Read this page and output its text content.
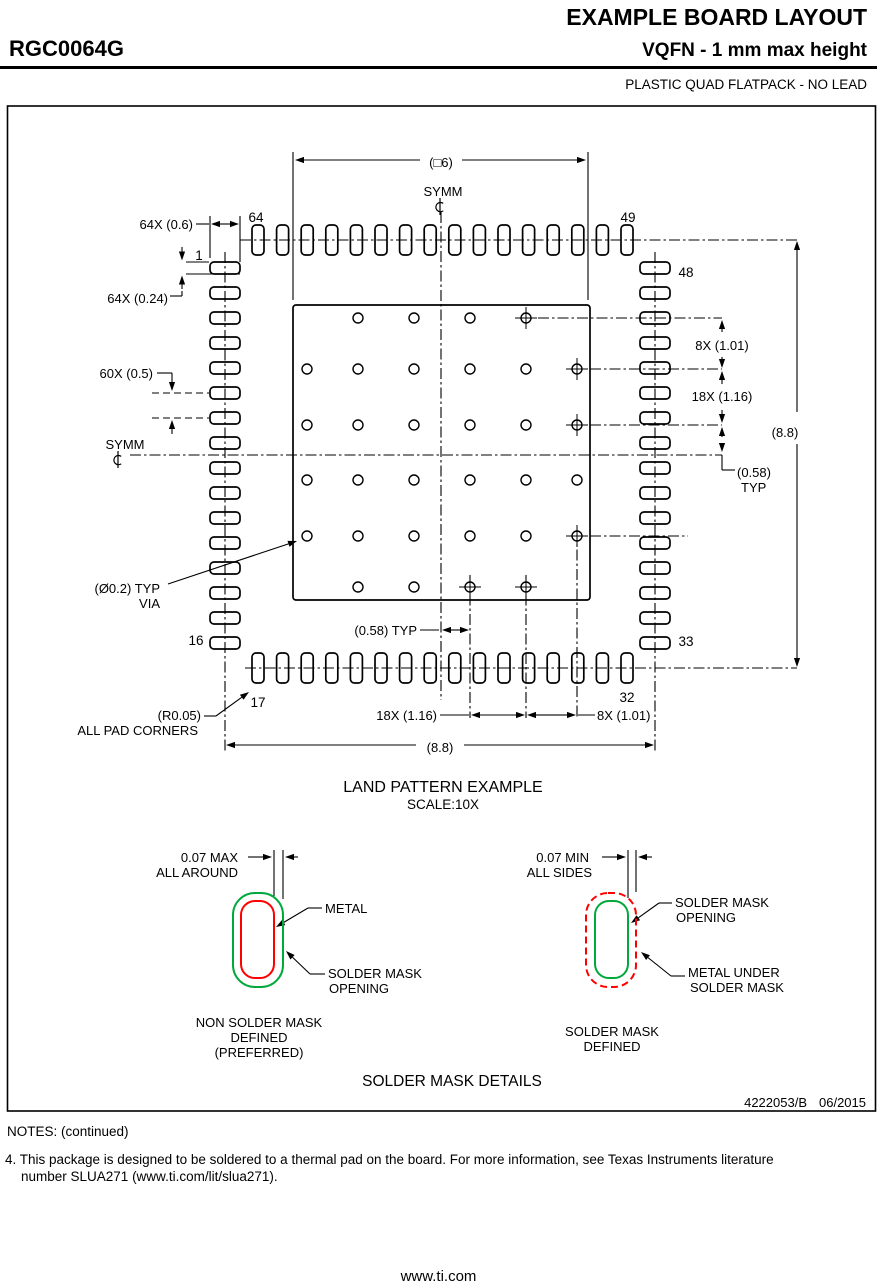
EXAMPLE BOARD LAYOUT
RGC0064G	VQFN - 1 mm max height
PLASTIC QUAD FLATPACK - NO LEAD
(□6)
SYMM
SYMM
64X (0.6)
64X (0.24)
60X (0.5)
(Ø0.2) TYP
VIA
(R0.05)
ALL PAD CORNERS
(0.58) TYP
18X (1.16)	8X (1.01)
(8.8)
8X (1.01)
18X (1.16)
(0.58)
TYP
(8.8)
64	49
48
33
1
16
17	32
LAND PATTERN EXAMPLE
SCALE:10X
0.07 MAX
ALL AROUND
METAL
SOLDER MASK
OPENING
NON SOLDER MASK
DEFINED
(PREFERRED)
0.07 MIN
ALL SIDES
SOLDER MASK
OPENING
METAL UNDER
SOLDER MASK
SOLDER MASK
DEFINED
SOLDER MASK DETAILS
4222053/B 06/2015
NOTES: (continued)
4. This package is designed to be soldered to a thermal pad on the board. For more information, see Texas Instruments literature
number SLUA271 (www.ti.com/lit/slua271).
www.ti.com
